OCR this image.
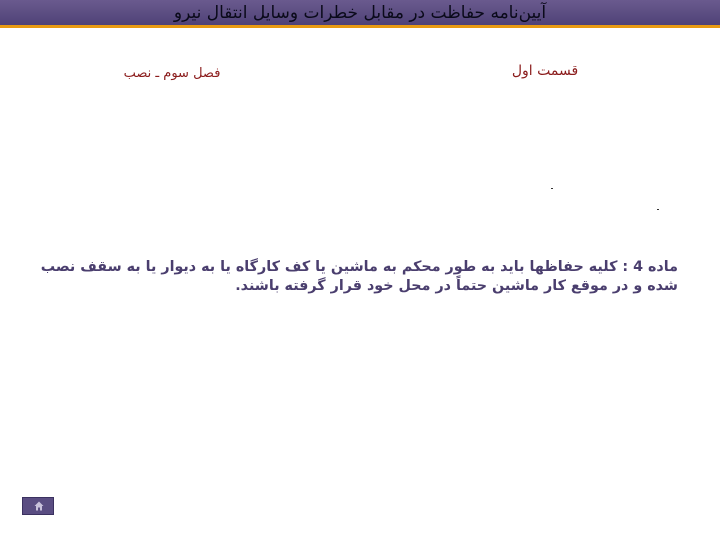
آیین‌نامه حفاظت در مقابل خطرات وسایل انتقال نیرو
قسمت اول
فصل سوم ـ نصب
ماده 4 : کلیه حفاظها باید به طور محکم به ماشین یا کف کارگاه یا به دیوار یا به سقف نصب شده و در موقع کار ماشین حتماً در محل خود قرار گرفته باشند.
